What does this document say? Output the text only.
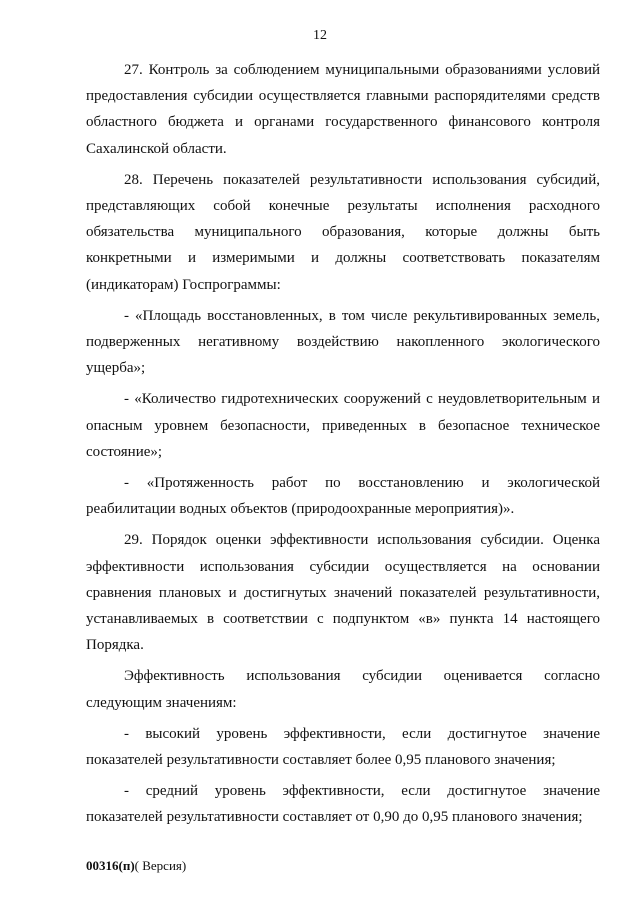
12

27. Контроль за соблюдением муниципальными образованиями условий предоставления субсидии осуществляется главными распорядителями средств областного бюджета и органами государственного финансового контроля Сахалинской области.

28. Перечень показателей результативности использования субсидий, представляющих собой конечные результаты исполнения расходного обязательства муниципального образования, которые должны быть конкретными и измеримыми и должны соответствовать показателям (индикаторам) Госпрограммы:

- «Площадь восстановленных, в том числе рекультивированных земель, подверженных негативному воздействию накопленного экологического ущерба»;

- «Количество гидротехнических сооружений с неудовлетворительным и опасным уровнем безопасности, приведенных в безопасное техническое состояние»;

- «Протяженность работ по восстановлению и экологической реабилитации водных объектов (природоохранные мероприятия)».

29. Порядок оценки эффективности использования субсидии. Оценка эффективности использования субсидии осуществляется на основании сравнения плановых и достигнутых значений показателей результативности, устанавливаемых в соответствии с подпунктом «в» пункта 14 настоящего Порядка.

Эффективность использования субсидии оценивается согласно следующим значениям:

- высокий уровень эффективности, если достигнутое значение показателей результативности составляет более 0,95 планового значения;

- средний уровень эффективности, если достигнутое значение показателей результативности составляет от 0,90 до 0,95 планового значения;

00316(п)( Версия)
